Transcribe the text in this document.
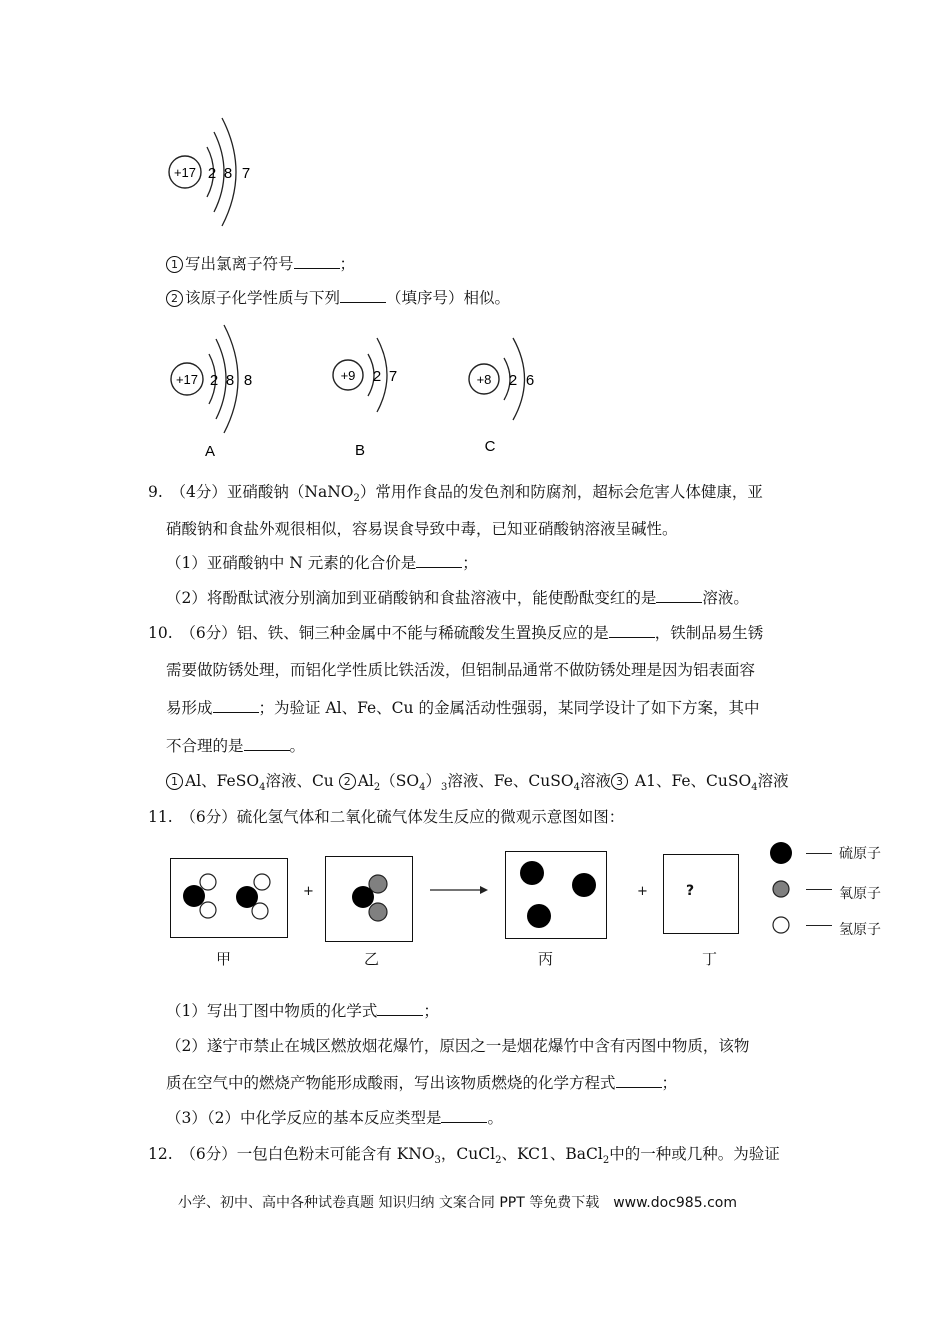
+17 2 8 7
1 写出氯离子符号	；
2 该原子化学性质与下列	（填序号）相似。
+17 2 8 8
A
+9 2 7
B
+8 2 6
C
9.　（4分）亚硝酸钠（NaNO$_2$）常用作食品的发色剂和防腐剂，超标会危害人体健康，亚
硝酸钠和食盐外观很相似，容易误食导致中毒，已知亚硝酸钠溶液呈碱性。
（1）亚硝酸钠中 N 元素的化合价是	；
（2）将酚酞试液分别滴加到亚硝酸钠和食盐溶液中，能使酚酞变红的是	溶液。
10.　（6分）铝、铁、铜三种金属中不能与稀硫酸发生置换反应的是	，铁制品易生锈
需要做防锈处理，而铝化学性质比铁活泼，但铝制品通常不做防锈处理是因为铝表面容
易形成	；为验证 Al、Fe、Cu 的金属活动性强弱，某同学设计了如下方案，其中
不合理的是	。
1 Al、FeSO$_4$溶液、Cu 2 $Al_2(SO_4)_3$溶液、Fe、CuSO$_4$溶液 3 A1、Fe、CuSO$_4$溶液
11.　（6分）硫化氢气体和二氧化硫气体发生反应的微观示意图如图：
甲
+
乙	丙
+	?
丁
硫原子
氧原子
氢原子
（1）写出丁图中物质的化学式	；
（2）遂宁市禁止在城区燃放烟花爆竹，原因之一是烟花爆竹中含有丙图中物质，该物
质在空气中的燃烧产物能形成酸雨，写出该物质燃烧的化学方程式	；
（3）（2）中化学反应的基本反应类型是	。
12.　（6分）一包白色粉末可能含有 $KNO_3$，CuCl$_2$、KC1、BaCl$_2$中的一种或几种。为验证
小学、初中、高中各种试卷真题 知识归纳 文案合同 PPT 等免费下载　www.doc985.com
